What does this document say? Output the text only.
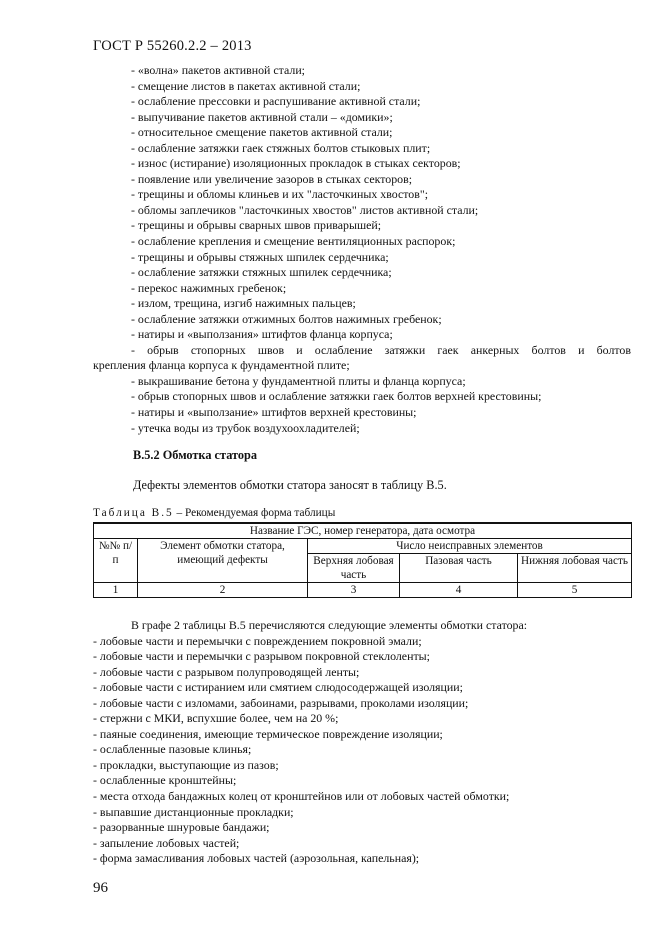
ГОСТ Р 55260.2.2 – 2013
- «волна» пакетов активной стали;
- смещение листов в пакетах активной стали;
- ослабление прессовки и распушивание активной стали;
- выпучивание пакетов активной стали – «домики»;
- относительное смещение пакетов активной стали;
- ослабление затяжки гаек стяжных болтов стыковых плит;
- износ (истирание) изоляционных прокладок в стыках секторов;
- появление или увеличение зазоров в стыках секторов;
- трещины и обломы клиньев и их "ласточкиных хвостов";
- обломы заплечиков "ласточкиных хвостов" листов активной стали;
- трещины и обрывы сварных швов приварышей;
- ослабление крепления и смещение вентиляционных распорок;
- трещины и обрывы стяжных шпилек сердечника;
- ослабление затяжки стяжных шпилек сердечника;
- перекос нажимных гребенок;
- излом, трещина, изгиб нажимных пальцев;
- ослабление затяжки отжимных болтов нажимных гребенок;
- натиры и «выползания» штифтов фланца корпуса;
- обрыв стопорных швов и ослабление затяжки гаек анкерных болтов и болтов
крепления фланца корпуса к фундаментной плите;
- выкрашивание бетона у фундаментной плиты и фланца корпуса;
- обрыв стопорных швов и ослабление затяжки гаек болтов верхней крестовины;
- натиры и «выползание» штифтов верхней крестовины;
- утечка воды из трубок воздухоохладителей;
В.5.2 Обмотка статора
Дефекты элементов обмотки статора заносят в таблицу В.5.
Таблица В.5 – Рекомендуемая форма таблицы
Название ГЭС, номер генератора, дата осмотра				
№№ п/п	Элемент обмотки статора, имеющий дефекты	Число неисправных элементов		
		Верхняя лобовая часть	Пазовая часть	Нижняя лобовая часть
1	2	3	4	5
В графе 2 таблицы В.5 перечисляются следующие элементы обмотки статора:
- лобовые части и перемычки с повреждением покровной эмали;
- лобовые части и перемычки с разрывом покровной стеклоленты;
- лобовые части с разрывом полупроводящей ленты;
- лобовые части с истиранием или смятием слюдосодержащей изоляции;
- лобовые части с изломами, забоинами, разрывами, проколами изоляции;
- стержни с МКИ, вспухшие более, чем на 20 %;
- паяные соединения, имеющие термическое повреждение изоляции;
- ослабленные пазовые клинья;
- прокладки, выступающие из пазов;
- ослабленные кронштейны;
- места отхода бандажных колец от кронштейнов или от лобовых частей обмотки;
- выпавшие дистанционные прокладки;
- разорванные шнуровые бандажи;
- запыление лобовых частей;
- форма замасливания лобовых частей (аэрозольная, капельная);
96
